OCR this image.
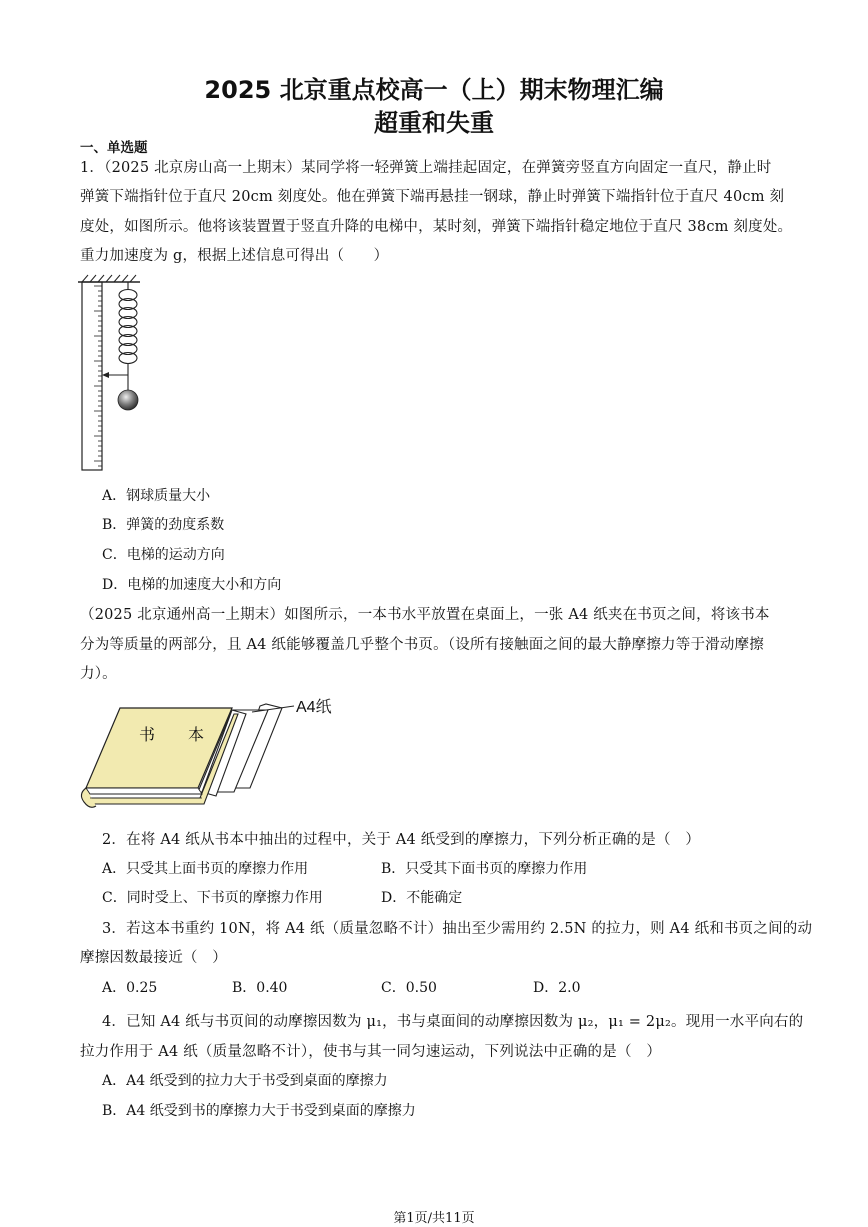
2025 北京重点校高一（上）期末物理汇编
超重和失重
一、单选题
1．（2025 北京房山高一上期末）某同学将一轻弹簧上端挂起固定，在弹簧旁竖直方向固定一直尺，静止时
弹簧下端指针位于直尺 20cm 刻度处。他在弹簧下端再悬挂一钢球，静止时弹簧下端指针位于直尺 40cm 刻
度处，如图所示。他将该装置置于竖直升降的电梯中，某时刻，弹簧下端指针稳定地位于直尺 38cm 刻度处。
重力加速度为 g，根据上述信息可得出（　　）
A．钢球质量大小
B．弹簧的劲度系数
C．电梯的运动方向
D．电梯的加速度大小和方向
（2025 北京通州高一上期末）如图所示，一本书水平放置在桌面上，一张 A4 纸夹在书页之间，将该书本
分为等质量的两部分，且 A4 纸能够覆盖几乎整个书页。（设所有接触面之间的最大静摩擦力等于滑动摩擦
力）。
A4纸
书 本
2．在将 A4 纸从书本中抽出的过程中，关于 A4 纸受到的摩擦力，下列分析正确的是（　）
A．只受其上面书页的摩擦力作用	B．只受其下面书页的摩擦力作用
C．同时受上、下书页的摩擦力作用	D．不能确定
3．若这本书重约 10N，将 A4 纸（质量忽略不计）抽出至少需用约 2.5N 的拉力，则 A4 纸和书页之间的动
摩擦因数最接近（　）
A．0.25	B．0.40	C．0.50	D．2.0
4．已知 A4 纸与书页间的动摩擦因数为 μ₁，书与桌面间的动摩擦因数为 μ₂，μ₁ = 2μ₂。现用一水平向右的
拉力作用于 A4 纸（质量忽略不计），使书与其一同匀速运动，下列说法中正确的是（　）
A．A4 纸受到的拉力大于书受到桌面的摩擦力
B．A4 纸受到书的摩擦力大于书受到桌面的摩擦力
第1页/共11页
